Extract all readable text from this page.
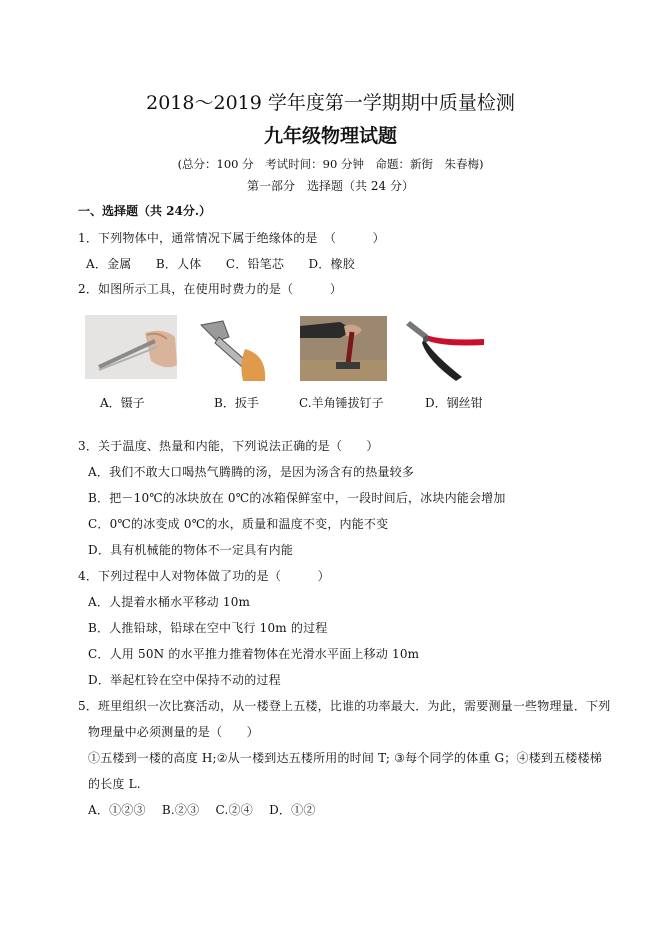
2018～2019 学年度第一学期期中质量检测
九年级物理试题
(总分：100 分　考试时间：90 分钟　命题：新街　朱春梅)
第一部分　选择题（共 24 分）
一、选择题（共 24分.）
1．下列物体中，通常情况下属于绝缘体的是　（　　　）
A．金属　　B．人体　　C．铅笔芯　　D．橡胶
2．如图所示工具，在使用时费力的是（　　　）
A．镊子	B．扳手	C.羊角锤拔钉子	D．钢丝钳
3．关于温度、热量和内能，下列说法正确的是（　　）
A．我们不敢大口喝热气腾腾的汤，是因为汤含有的热量较多
B．把－10℃的冰块放在 0℃的冰箱保鲜室中，一段时间后，冰块内能会增加
C．0℃的冰变成 0℃的水，质量和温度不变，内能不变
D．具有机械能的物体不一定具有内能
4．下列过程中人对物体做了功的是（　　　）
A．人提着水桶水平移动 10m
B．人推铅球，铅球在空中飞行 10m 的过程
C．人用 50N 的水平推力推着物体在光滑水平面上移动 10m
D．举起杠铃在空中保持不动的过程
5．班里组织一次比赛活动，从一楼登上五楼，比谁的功率最大．为此，需要测量一些物理量．下列
物理量中必须测量的是（　　）
①五楼到一楼的高度 H;②从一楼到达五楼所用的时间 T; ③每个同学的体重 G；④楼到五楼楼梯
的长度 L.
A．①②③　 B.②③　 C.②④　 D．①②
